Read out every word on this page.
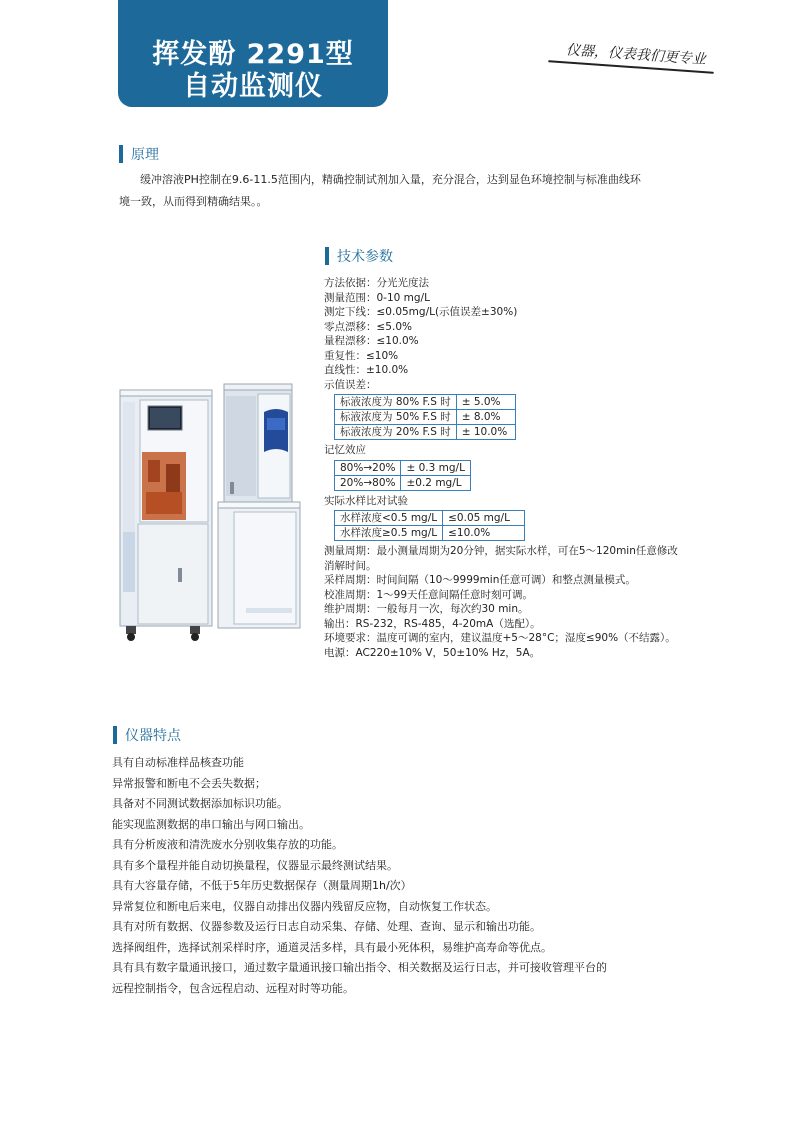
挥发酚 2291型
自动监测仪
仪器，仪表我们更专业
原理
缓冲溶液PH控制在9.6-11.5范围内，精确控制试剂加入量，充分混合，达到显色环境控制与标准曲线环
境一致，从而得到精确结果。。
技术参数
方法依据：分光光度法
测量范围：0-10 mg/L
测定下线：≤0.05mg/L(示值误差±30%)
零点漂移：≤5.0%
量程漂移：≤10.0%
重复性：≤10%
直线性：±10.0%
示值误差：
标液浓度为 80% F.S 时	± 5.0%
标液浓度为 50% F.S 时	± 8.0%
标液浓度为 20% F.S 时	± 10.0%
记忆效应
80%→20%	± 0.3 mg/L
20%→80%	±0.2 mg/L
实际水样比对试验
水样浓度<0.5 mg/L	≤0.05 mg/L
水样浓度≥0.5 mg/L	≤10.0%
测量周期：最小测量周期为20分钟，据实际水样，可在5～120min任意修改消解时间。
采样周期：时间间隔（10～9999min任意可调）和整点测量模式。
校准周期：1～99天任意间隔任意时刻可调。
维护周期：一般每月一次，每次约30 min。
输出：RS-232，RS-485，4-20mA（选配）。
环境要求：温度可调的室内，建议温度+5～28°C；湿度≤90%（不结露）。
电源：AC220±10% V，50±10% Hz，5A。
仪器特点
具有自动标准样品核查功能
异常报警和断电不会丢失数据；
具备对不同测试数据添加标识功能。
能实现监测数据的串口输出与网口输出。
具有分析废液和清洗废水分别收集存放的功能。
具有多个量程并能自动切换量程，仪器显示最终测试结果。
具有大容量存储，不低于5年历史数据保存（测量周期1h/次）
异常复位和断电后来电，仪器自动排出仪器内残留反应物，自动恢复工作状态。
具有对所有数据、仪器参数及运行日志自动采集、存储、处理、查询、显示和输出功能。
选择阀组件，选择试剂采样时序，通道灵活多样，具有最小死体积，易维护高寿命等优点。
具有具有数字量通讯接口，通过数字量通讯接口输出指令、相关数据及运行日志，并可接收管理平台的
远程控制指令，包含远程启动、远程对时等功能。
